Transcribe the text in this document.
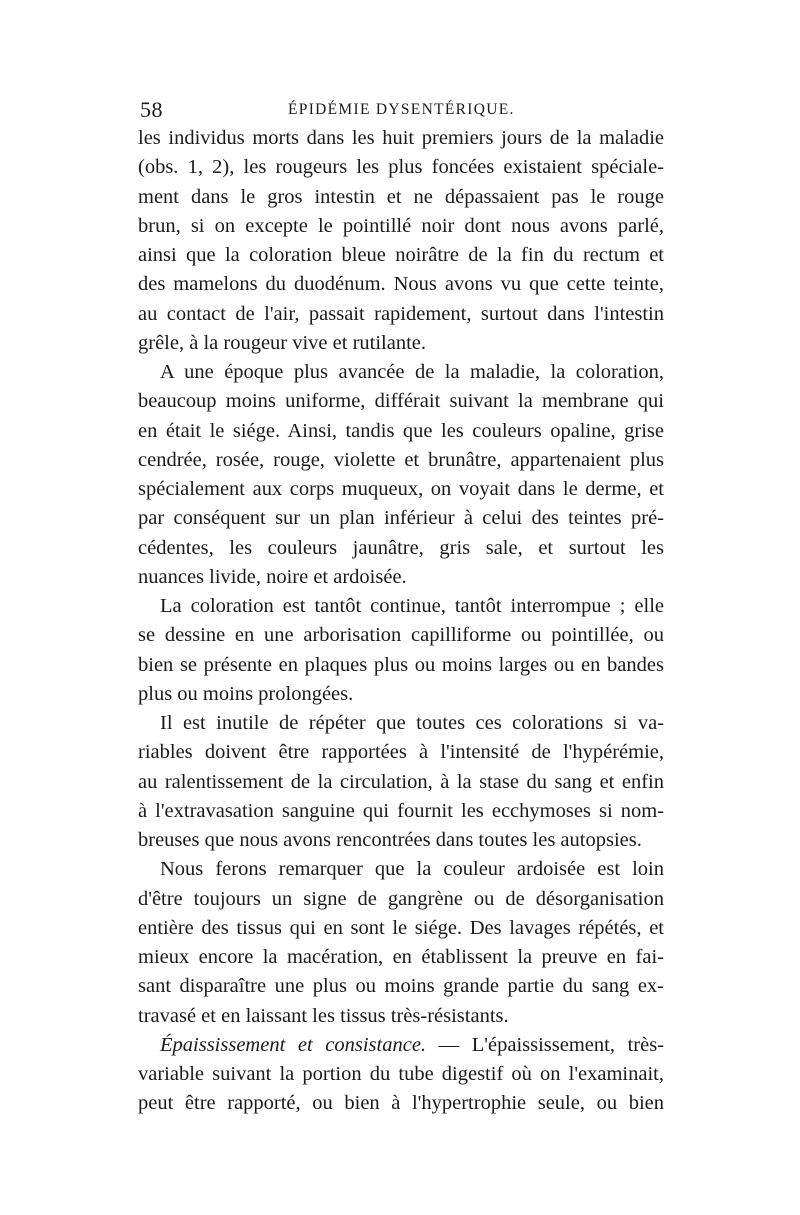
58	ÉPIDÉMIE DYSENTÉRIQUE.
les individus morts dans les huit premiers jours de la maladie
(obs. 1, 2), les rougeurs les plus foncées existaient spéciale-
ment dans le gros intestin et ne dépassaient pas le rouge
brun, si on excepte le pointillé noir dont nous avons parlé,
ainsi que la coloration bleue noirâtre de la fin du rectum et
des mamelons du duodénum. Nous avons vu que cette teinte,
au contact de l'air, passait rapidement, surtout dans l'intestin
grêle, à la rougeur vive et rutilante.
A une époque plus avancée de la maladie, la coloration,
beaucoup moins uniforme, différait suivant la membrane qui
en était le siége. Ainsi, tandis que les couleurs opaline, grise
cendrée, rosée, rouge, violette et brunâtre, appartenaient plus
spécialement aux corps muqueux, on voyait dans le derme, et
par conséquent sur un plan inférieur à celui des teintes pré-
cédentes, les couleurs jaunâtre, gris sale, et surtout les
nuances livide, noire et ardoisée.
La coloration est tantôt continue, tantôt interrompue ; elle
se dessine en une arborisation capilliforme ou pointillée, ou
bien se présente en plaques plus ou moins larges ou en bandes
plus ou moins prolongées.
Il est inutile de répéter que toutes ces colorations si va-
riables doivent être rapportées à l'intensité de l'hypérémie,
au ralentissement de la circulation, à la stase du sang et enfin
à l'extravasation sanguine qui fournit les ecchymoses si nom-
breuses que nous avons rencontrées dans toutes les autopsies.
Nous ferons remarquer que la couleur ardoisée est loin
d'être toujours un signe de gangrène ou de désorganisation
entière des tissus qui en sont le siége. Des lavages répétés, et
mieux encore la macération, en établissent la preuve en fai-
sant disparaître une plus ou moins grande partie du sang ex-
travasé et en laissant les tissus très-résistants.
Épaississement et consistance. — L'épaississement, très-
variable suivant la portion du tube digestif où on l'examinait,
peut être rapporté, ou bien à l'hypertrophie seule, ou bien
